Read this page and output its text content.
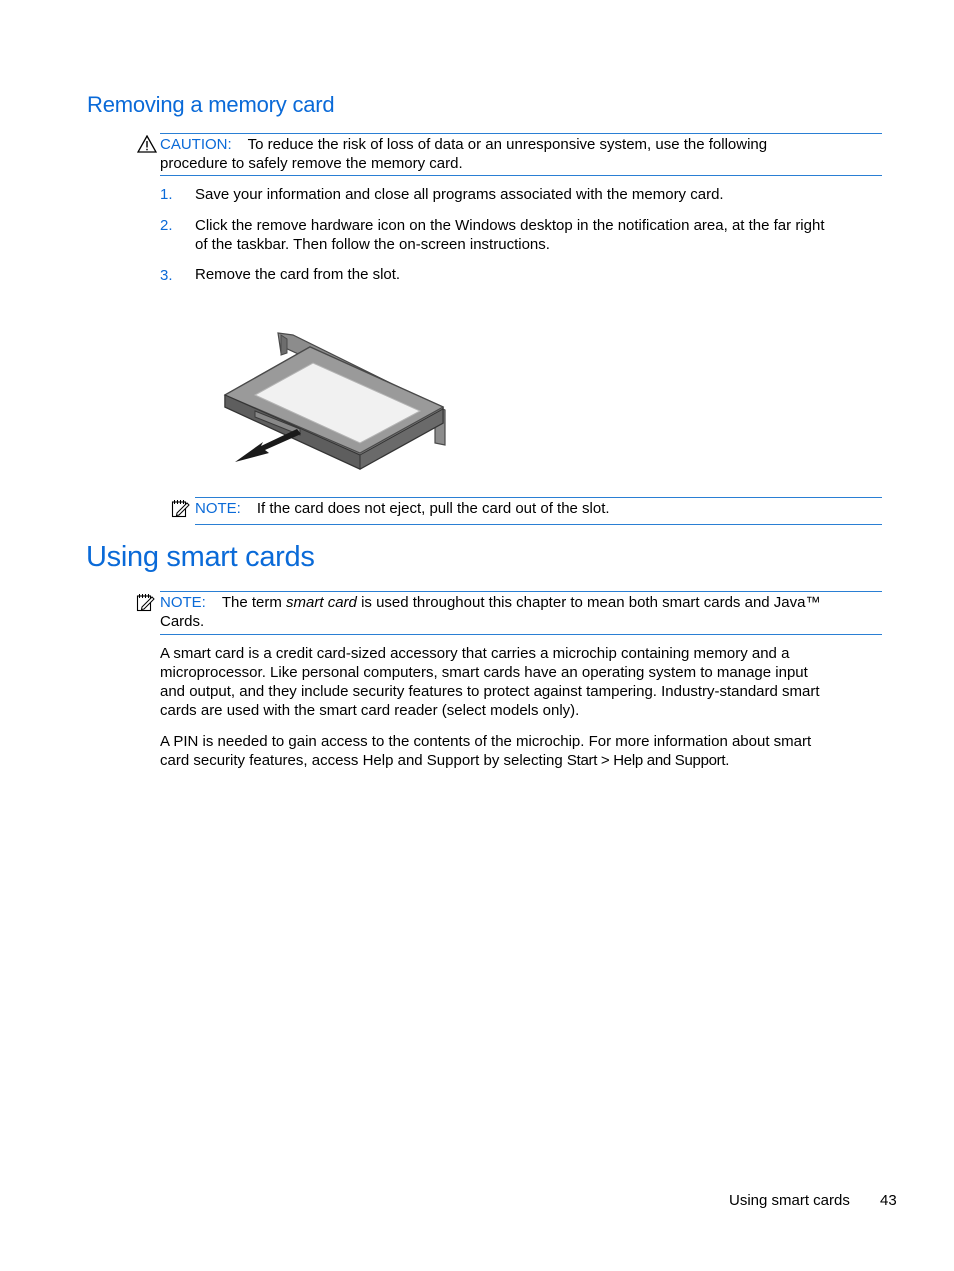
Removing a memory card
CAUTION: To reduce the risk of loss of data or an unresponsive system, use the following
procedure to safely remove the memory card.
1. Save your information and close all programs associated with the memory card.
2. Click the remove hardware icon on the Windows desktop in the notification area, at the far right
of the taskbar. Then follow the on-screen instructions.
3. Remove the card from the slot.
NOTE: If the card does not eject, pull the card out of the slot.
Using smart cards
NOTE: The term smart card is used throughout this chapter to mean both smart cards and Java™
Cards.
A smart card is a credit card-sized accessory that carries a microchip containing memory and a
microprocessor. Like personal computers, smart cards have an operating system to manage input
and output, and they include security features to protect against tampering. Industry-standard smart
cards are used with the smart card reader (select models only).
A PIN is needed to gain access to the contents of the microchip. For more information about smart
card security features, access Help and Support by selecting Start > Help and Support.
Using smart cards 43
